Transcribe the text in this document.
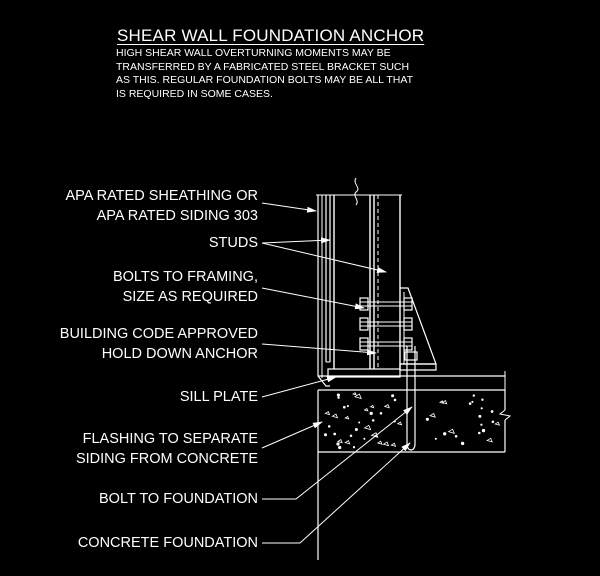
SHEAR WALL FOUNDATION ANCHOR
HIGH SHEAR WALL OVERTURNING MOMENTS MAY BE
TRANSFERRED BY A FABRICATED STEEL BRACKET SUCH
AS THIS. REGULAR FOUNDATION BOLTS MAY BE ALL THAT
IS REQUIRED IN SOME CASES.
APA RATED SHEATHING OR
APA RATED SIDING 303
STUDS
BOLTS TO FRAMING,
SIZE AS REQUIRED
BUILDING CODE APPROVED
HOLD DOWN ANCHOR
SILL PLATE
FLASHING TO SEPARATE
SIDING FROM CONCRETE
BOLT TO FOUNDATION
CONCRETE FOUNDATION
